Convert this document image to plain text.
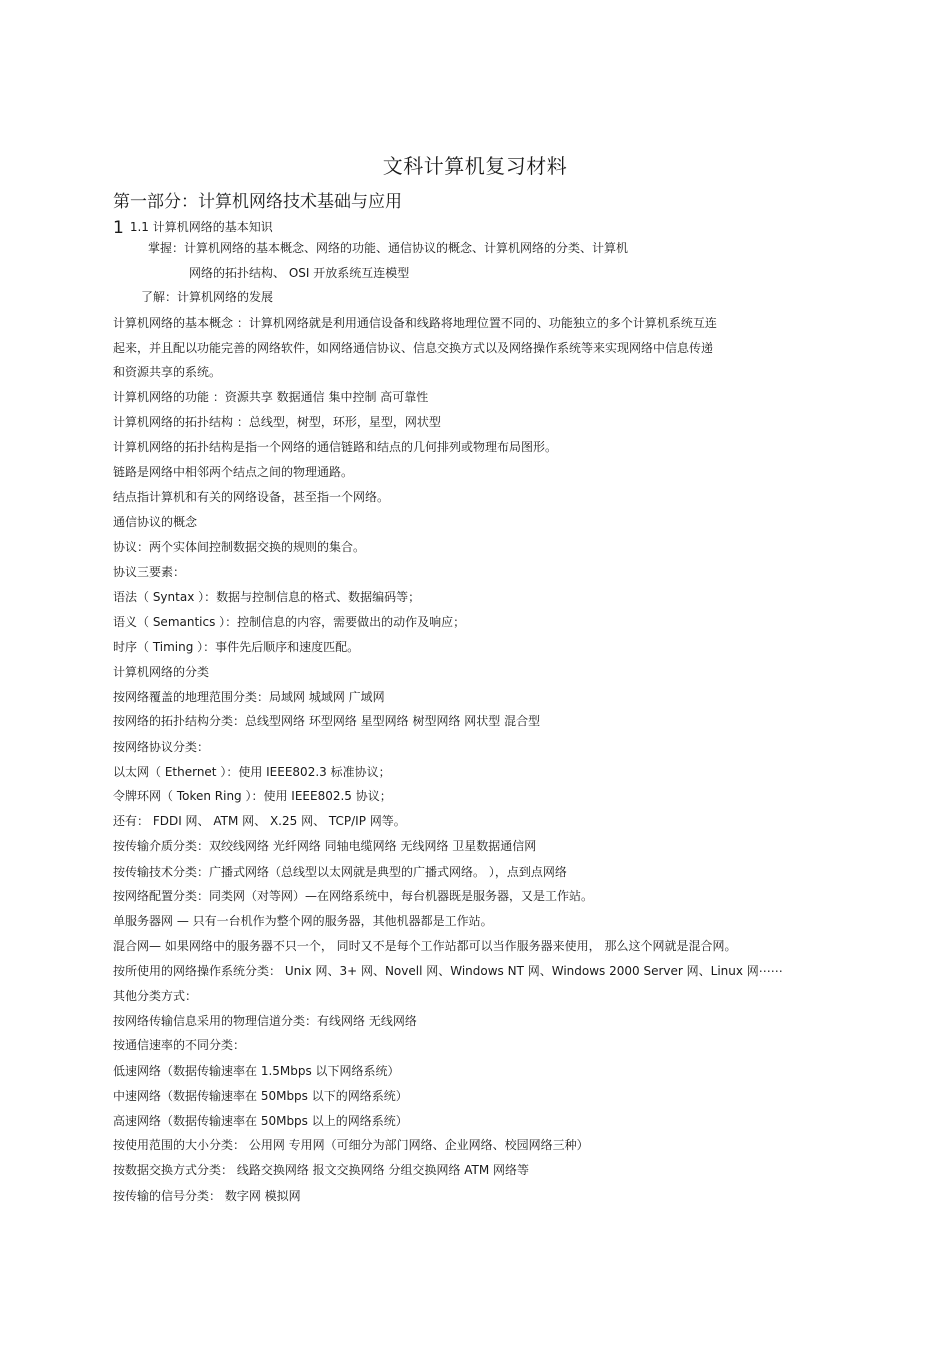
文科计算机复习材料
第一部分：计算机网络技术基础与应用
1 1.1 计算机网络的基本知识
掌握：计算机网络的基本概念、网络的功能、通信协议的概念、计算机网络的分类、计算机
网络的拓扑结构、 OSI 开放系统互连模型
了解：计算机网络的发展
计算机网络的基本概念 ：计算机网络就是利用通信设备和线路将地理位置不同的、功能独立的多个计算机系统互连
起来，并且配以功能完善的网络软件，如网络通信协议、信息交换方式以及网络操作系统等来实现网络中信息传递
和资源共享的系统。
计算机网络的功能 ：资源共享 数据通信 集中控制 高可靠性
计算机网络的拓扑结构 ：总线型，树型，环形，星型，网状型
计算机网络的拓扑结构是指一个网络的通信链路和结点的几何排列或物理布局图形。
链路是网络中相邻两个结点之间的物理通路。
结点指计算机和有关的网络设备，甚至指一个网络。
通信协议的概念
协议：两个实体间控制数据交换的规则的集合。
协议三要素：
语法（ Syntax ）：数据与控制信息的格式、数据编码等；
语义（ Semantics ）：控制信息的内容，需要做出的动作及响应；
时序（ Timing ）：事件先后顺序和速度匹配。
计算机网络的分类
按网络覆盖的地理范围分类：局域网 城域网 广域网
按网络的拓扑结构分类：总线型网络 环型网络 星型网络 树型网络 网状型 混合型
按网络协议分类：
以太网（ Ethernet ）：使用 IEEE802.3 标准协议；
令牌环网（ Token Ring ）：使用 IEEE802.5 协议；
还有： FDDI 网、 ATM 网、 X.25 网、 TCP/IP 网等。
按传输介质分类：双绞线网络 光纤网络 同轴电缆网络 无线网络 卫星数据通信网
按传输技术分类：广播式网络（总线型以太网就是典型的广播式网络。 ），点到点网络
按网络配置分类：同类网（对等网）—在网络系统中，每台机器既是服务器，又是工作站。
单服务器网 — 只有一台机作为整个网的服务器，其他机器都是工作站。
混合网— 如果网络中的服务器不只一个， 同时又不是每个工作站都可以当作服务器来使用， 那么这个网就是混合网。
按所使用的网络操作系统分类： Unix 网、3+ 网、Novell 网、Windows NT 网、Windows 2000 Server 网、Linux 网⋯⋯
其他分类方式：
按网络传输信息采用的物理信道分类：有线网络 无线网络
按通信速率的不同分类：
低速网络（数据传输速率在 1.5Mbps 以下网络系统）
中速网络（数据传输速率在 50Mbps 以下的网络系统）
高速网络（数据传输速率在 50Mbps 以上的网络系统）
按使用范围的大小分类： 公用网 专用网（可细分为部门网络、企业网络、校园网络三种）
按数据交换方式分类： 线路交换网络 报文交换网络 分组交换网络 ATM 网络等
按传输的信号分类： 数字网 模拟网
